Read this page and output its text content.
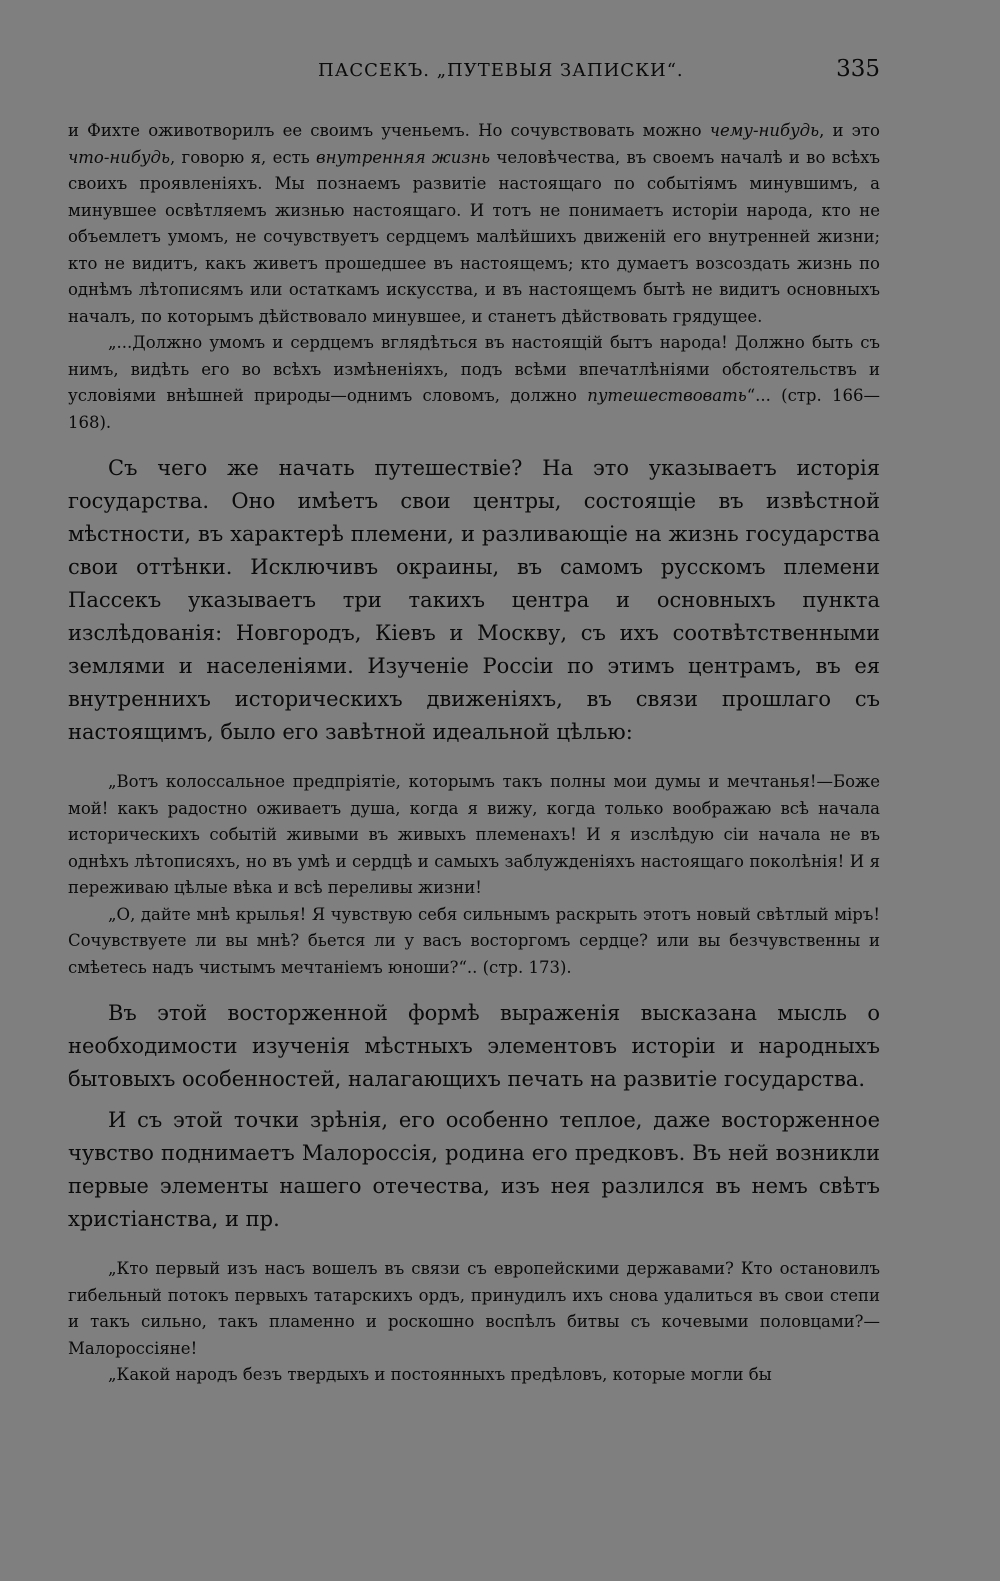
ПАССЕКЪ. „ПУТЕВЫЯ ЗАПИСКИ“.	335

и Фихте оживотворилъ ее своимъ ученьемъ. Но сочувствовать можно чему-нибудь, и это что-нибудь, говорю я, есть внутренняя жизнь человѣчества, въ своемъ началѣ и во всѣхъ своихъ проявленіяхъ. Мы познаемъ развитіе настоящаго по событіямъ минувшимъ, а минувшее освѣтляемъ жизнью настоящаго. И тотъ не понимаетъ исторіи народа, кто не объемлетъ умомъ, не сочувствуетъ сердцемъ малѣйшихъ движеній его внутренней жизни; кто не видитъ, какъ живетъ прошедшее въ настоящемъ; кто думаетъ возсоздать жизнь по однѣмъ лѣтописямъ или остаткамъ искусства, и въ настоящемъ бытѣ не видитъ основныхъ началъ, по которымъ дѣйствовало минувшее, и станетъ дѣйствовать грядущее.

„...Должно умомъ и сердцемъ вглядѣться въ настоящій бытъ народа! Должно быть съ нимъ, видѣть его во всѣхъ измѣненіяхъ, подъ всѣми впечатлѣніями обстоятельствъ и условіями внѣшней природы—однимъ словомъ, должно путешествовать“... (стр. 166—168).

Съ чего же начать путешествіе? На это указываетъ исторія государства. Оно имѣетъ свои центры, состоящіе въ извѣстной мѣстности, въ характерѣ племени, и разливающіе на жизнь государства свои оттѣнки. Исключивъ окраины, въ самомъ русскомъ племени Пассекъ указываетъ три такихъ центра и основныхъ пункта изслѣдованія: Новгородъ, Кіевъ и Москву, съ ихъ соотвѣтственными землями и населеніями. Изученіе Россіи по этимъ центрамъ, въ ея внутреннихъ историческихъ движеніяхъ, въ связи прошлаго съ настоящимъ, было его завѣтной идеальной цѣлью:

„Вотъ колоссальное предпріятіе, которымъ такъ полны мои думы и мечтанья!—Боже мой! какъ радостно оживаетъ душа, когда я вижу, когда только воображаю всѣ начала историческихъ событій живыми въ живыхъ племенахъ! И я изслѣдую сіи начала не въ однѣхъ лѣтописяхъ, но въ умѣ и сердцѣ и самыхъ заблужденіяхъ настоящаго поколѣнія! И я переживаю цѣлые вѣка и всѣ переливы жизни!

„О, дайте мнѣ крылья! Я чувствую себя сильнымъ раскрыть этотъ новый свѣтлый міръ! Сочувствуете ли вы мнѣ? бьется ли у васъ восторгомъ сердце? или вы безчувственны и смѣетесь надъ чистымъ мечтаніемъ юноши?“.. (стр. 173).

Въ этой восторженной формѣ выраженія высказана мысль о необходимости изученія мѣстныхъ элементовъ исторіи и народныхъ бытовыхъ особенностей, налагающихъ печать на развитіе государства.

И съ этой точки зрѣнія, его особенно теплое, даже восторженное чувство поднимаетъ Малороссія, родина его предковъ. Въ ней возникли первые элементы нашего отечества, изъ нея разлился въ немъ свѣтъ христіанства, и пр.

„Кто первый изъ насъ вошелъ въ связи съ европейскими державами? Кто остановилъ гибельный потокъ первыхъ татарскихъ ордъ, принудилъ ихъ снова удалиться въ свои степи и такъ сильно, такъ пламенно и роскошно воспѣлъ битвы съ кочевыми половцами?—Малороссіяне!

„Какой народъ безъ твердыхъ и постоянныхъ предѣловъ, которые могли бы
